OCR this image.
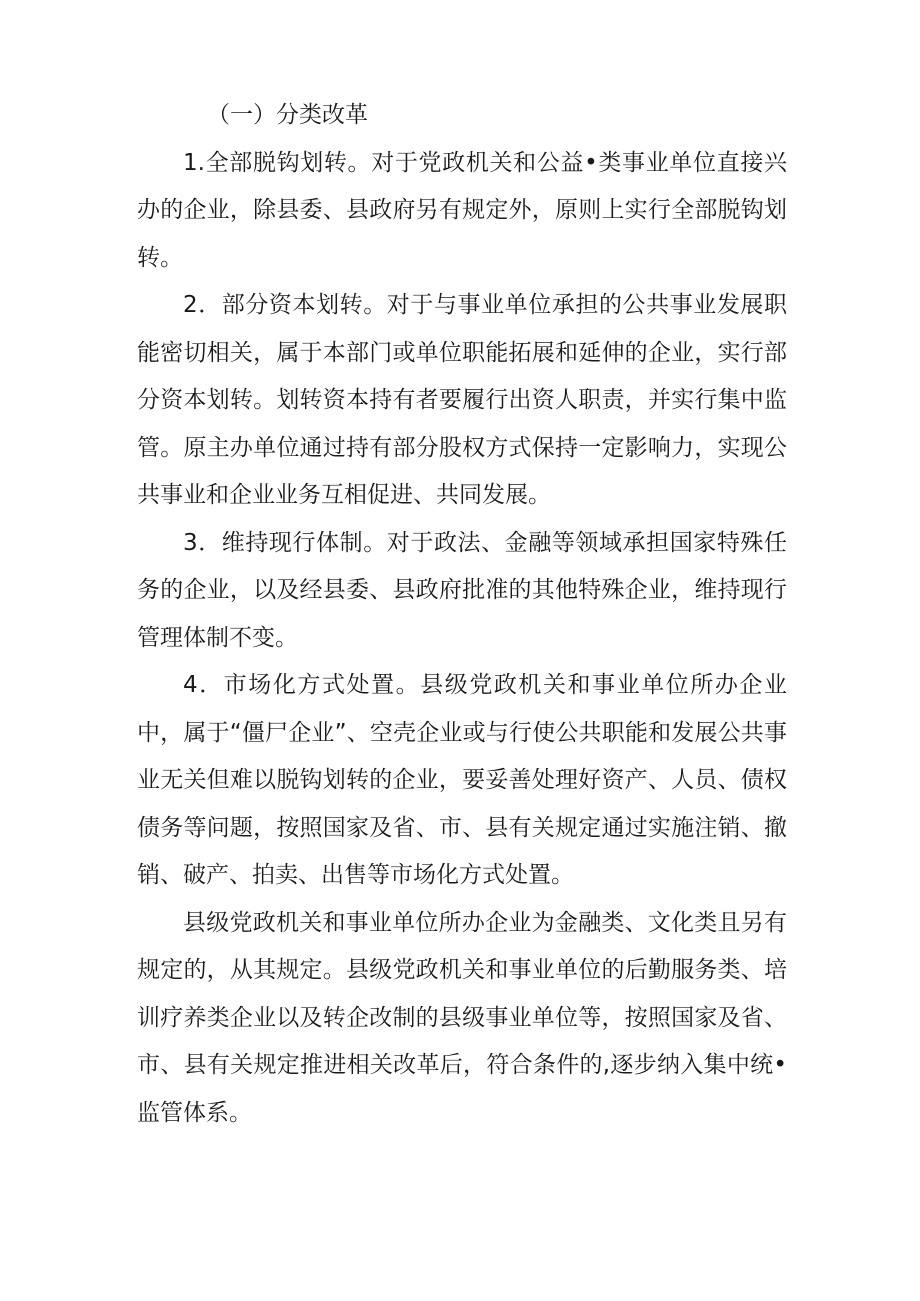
（一）分类改革

1.全部脱钩划转。对于党政机关和公益•类事业单位直接兴办的企业，除县委、县政府另有规定外，原则上实行全部脱钩划转。

2．部分资本划转。对于与事业单位承担的公共事业发展职能密切相关，属于本部门或单位职能拓展和延伸的企业，实行部分资本划转。划转资本持有者要履行出资人职责，并实行集中监管。原主办单位通过持有部分股权方式保持一定影响力，实现公共事业和企业业务互相促进、共同发展。

3．维持现行体制。对于政法、金融等领域承担国家特殊任务的企业，以及经县委、县政府批准的其他特殊企业，维持现行管理体制不变。

4．市场化方式处置。县级党政机关和事业单位所办企业中，属于“僵尸企业”、空壳企业或与行使公共职能和发展公共事业无关但难以脱钩划转的企业，要妥善处理好资产、人员、债权债务等问题，按照国家及省、市、县有关规定通过实施注销、撤销、破产、拍卖、出售等市场化方式处置。

县级党政机关和事业单位所办企业为金融类、文化类且另有规定的，从其规定。县级党政机关和事业单位的后勤服务类、培训疗养类企业以及转企改制的县级事业单位等，按照国家及省、市、县有关规定推进相关改革后，符合条件的,逐步纳入集中统•监管体系。
